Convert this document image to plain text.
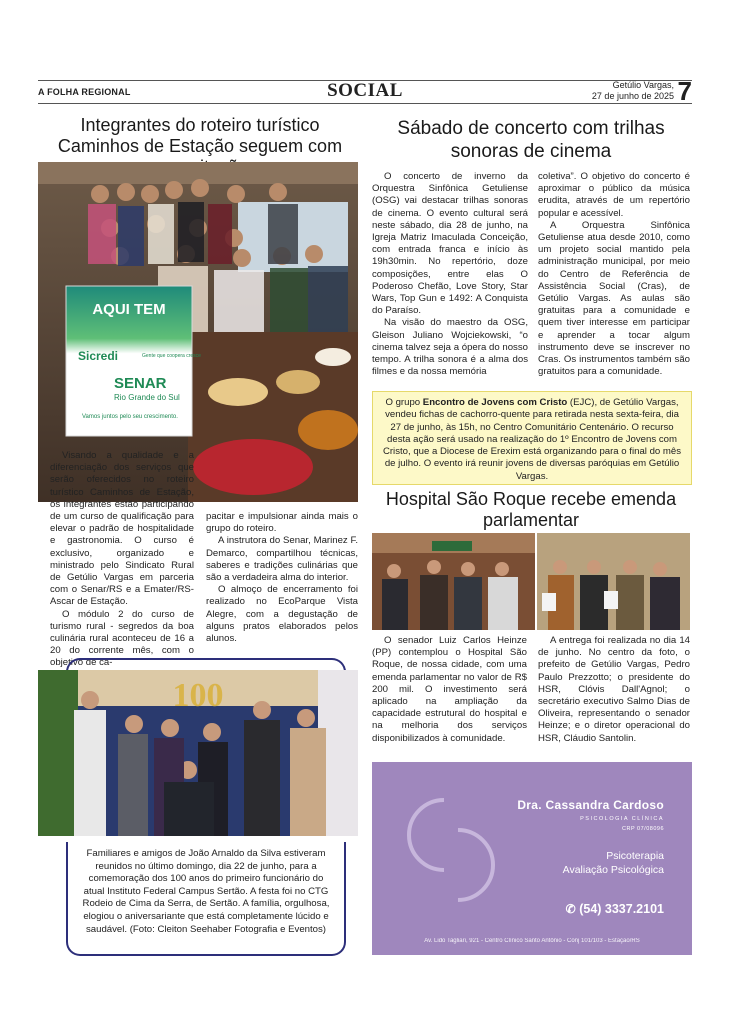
A FOLHA REGIONAL	SOCIAL	Getúlio Vargas,
27 de junho de 2025 7
Integrantes do roteiro turístico Caminhos de Estação seguem com
AQUI TEM
Sicredi	Gente que coopera cresce
SENAR
Rio Grande do Sul
Vamos juntos pelo seu crescimento.

Visando a qualidade e a diferenciação dos serviços que serão oferecidos no roteiro turístico Caminhos de Estação, os integrantes estão participando de um curso de qualificação para elevar o padrão de hospitalidade e gastronomia. O curso é exclusivo, organizado e ministrado pelo Sindicato Rural de Getúlio Vargas em parceria com o Senar/RS e a Emater/RS-Ascar de Estação.

O módulo 2 do curso de turismo rural - segredos da boa culinária rural aconteceu de 16 a 20 do corrente mês, com o objetivo de ca-

pacitar e impulsionar ainda mais o grupo do roteiro.

A instrutora do Senar, Marinez F. Demarco, compartilhou técnicas, saberes e tradições culinárias que são a verdadeira alma do interior.

O almoço de encerramento foi realizado no EcoParque Vista Alegre, com a degustação de alguns pratos elaborados pelos alunos.

Sábado de concerto com trilhas sonoras de cinema

O concerto de inverno da Orquestra Sinfônica Getuliense (OSG) vai destacar trilhas sonoras de cinema. O evento cultural será neste sábado, dia 28 de junho, na Igreja Matriz Imaculada Conceição, com entrada franca e início às 19h30min. No repertório, doze composições, entre elas O Poderoso Chefão, Love Story, Star Wars, Top Gun e 1492: A Conquista do Paraíso.

Na visão do maestro da OSG, Gleison Juliano Wojciekowski, “o cinema talvez seja a ópera do nosso tempo. A trilha sonora é a alma dos filmes e da nossa memória

coletiva”. O objetivo do concerto é aproximar o público da música erudita, através de um repertório popular e acessível.

A Orquestra Sinfônica Getuliense atua desde 2010, como um projeto social mantido pela administração municipal, por meio do Centro de Referência de Assistência Social (Cras), de Getúlio Vargas. As aulas são gratuitas para a comunidade e quem tiver interesse em participar e aprender a tocar algum instrumento deve se inscrever no Cras. Os instrumentos também são gratuitos para a comunidade.

O grupo Encontro de Jovens com Cristo (EJC), de Getúlio Vargas, vendeu fichas de cachorro-quente para retirada nesta sexta-feira, dia 27 de junho, às 15h, no Centro Comunitário Centenário. O recurso desta ação será usado na realização do 1º Encontro de Jovens com Cristo, que a Diocese de Erexim está organizando para o final do mês de julho. O evento irá reunir jovens de diversas paróquias em Getúlio Vargas.

Hospital São Roque recebe emenda parlamentar

O senador Luiz Carlos Heinze (PP) contemplou o Hospital São Roque, de nossa cidade, com uma emenda parlamentar no valor de R$ 200 mil. O investimento será aplicado na ampliação da capacidade estrutural do hospital e na melhoria dos serviços disponibilizados à comunidade.

A entrega foi realizada no dia 14 de junho. No centro da foto, o prefeito de Getúlio Vargas, Pedro Paulo Prezzotto; o presidente do HSR, Clóvis Dall'Agnol; o secretário executivo Salmo Dias de Oliveira, representando o senador Heinze; e o diretor operacional do HSR, Cláudio Santolin.

100

Familiares e amigos de João Arnaldo da Silva estiveram reunidos no último domingo, dia 22 de junho, para a comemoração dos 100 anos do primeiro funcionário do atual Instituto Federal Campus Sertão. A festa foi no CTG Rodeio de Cima da Serra, de Sertão. A família, orgulhosa, elogiou o aniversariante que está completamente lúcido e saudável. (Foto: Cleiton Seehaber Fotografia e Eventos)

Dra. Cassandra Cardoso
PSICOLOGIA CLÍNICA
CRP 07/08096
Psicoterapia
Avaliação Psicológica
✆ (54) 3337.2101
Av. Lido Tagliari, 921 - Centro Clínico Santo Antônio - Conj 101/103 - Estação/RS
